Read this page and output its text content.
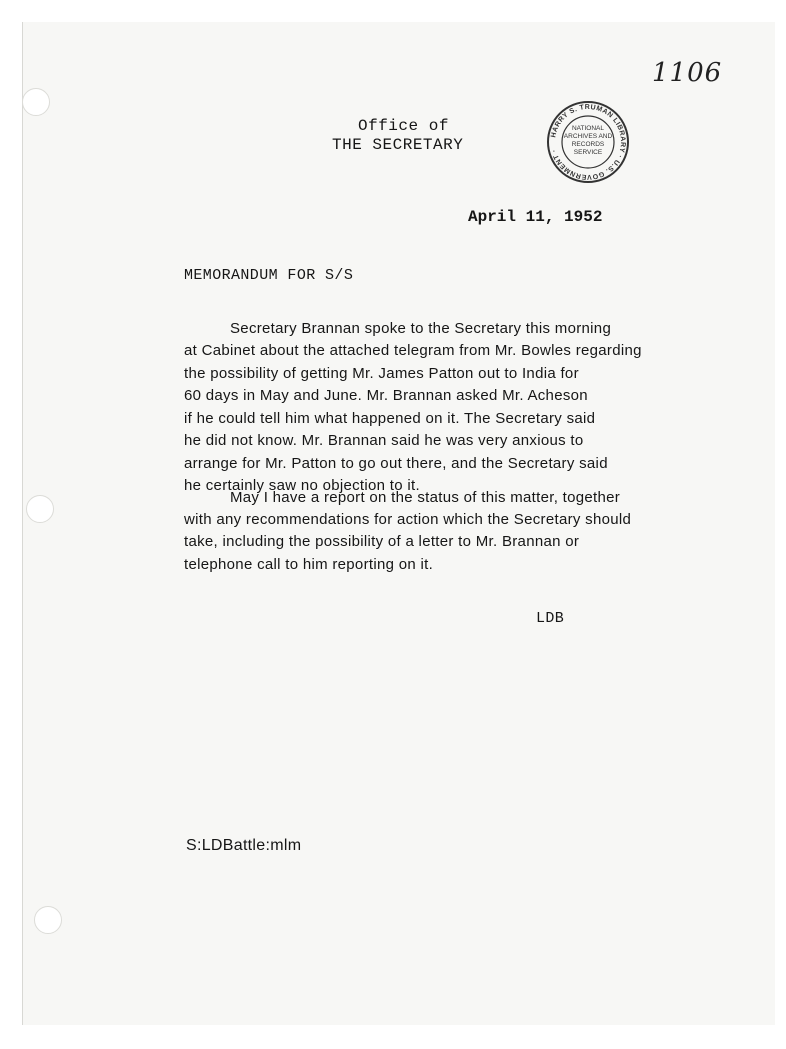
1106
HARRY S. TRUMAN LIBRARY · U.S. GOVERNMENT ·
NATIONAL
ARCHIVES AND
RECORDS
SERVICE
Office of
THE SECRETARY
April 11, 1952
MEMORANDUM FOR S/S
Secretary Brannan spoke to the Secretary this morning
at Cabinet about the attached telegram from Mr. Bowles regarding
the possibility of getting Mr. James Patton out to India for
60 days in May and June. Mr. Brannan asked Mr. Acheson
if he could tell him what happened on it. The Secretary said
he did not know. Mr. Brannan said he was very anxious to
arrange for Mr. Patton to go out there, and the Secretary said
he certainly saw no objection to it.
May I have a report on the status of this matter, together
with any recommendations for action which the Secretary should
take, including the possibility of a letter to Mr. Brannan or
telephone call to him reporting on it.
LDB
S:LDBattle:mlm
